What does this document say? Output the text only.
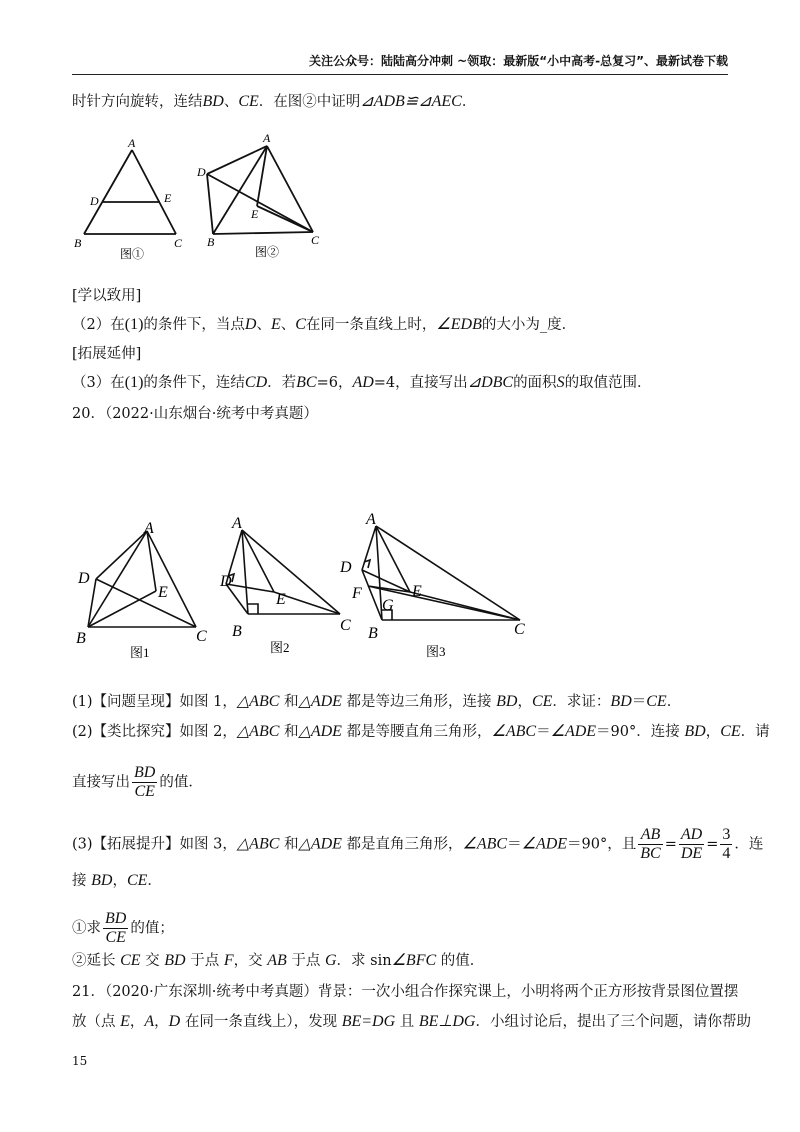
关注公众号：陆陆高分冲刺 ~领取：最新版“小中高考-总复习”、最新试卷下载
时针方向旋转，连结BD、CE．在图②中证明⊿ADB≌⊿AEC．
A
D	E
B	C
图①
A
D
E
B	C
图②
[学以致用]
（2）在(1)的条件下，当点D、E、C在同一条直线上时，∠EDB的大小为_度．
[拓展延伸]
（3）在(1)的条件下，连结CD．若BC=6，AD=4，直接写出⊿DBC的面积S的取值范围．
20．（2022·山东烟台·统考中考真题）
A
D
E
B	C
图1
A
D
E
B	C
图2
A
D
E
F
G
B	C
图3
(1)【问题呈现】如图 1，△ABC 和△ADE 都是等边三角形，连接 BD，CE．求证：BD＝CE．
(2)【类比探究】如图 2，△ABC 和△ADE 都是等腰直角三角形，∠ABC＝∠ADE＝90°．连接 BD，CE．请
直接写出 $\frac{BD}{CE}$ 的值．
(3)【拓展提升】如图 3，△ABC 和△ADE 都是直角三角形，∠ABC＝∠ADE＝90°，且 $\frac{AB}{BC} = \frac{AD}{DE} = \frac{3}{4}$ ．连
接 BD，CE．
①求 $\frac{BD}{CE}$ 的值；
②延长 CE 交 BD 于点 F，交 AB 于点 G．求 sin∠BFC 的值．
21．（2020·广东深圳·统考中考真题）背景：一次小组合作探究课上，小明将两个正方形按背景图位置摆
放（点 E，A，D 在同一条直线上），发现 BE=DG 且 BE⊥DG．小组讨论后，提出了三个问题，请你帮助
15
